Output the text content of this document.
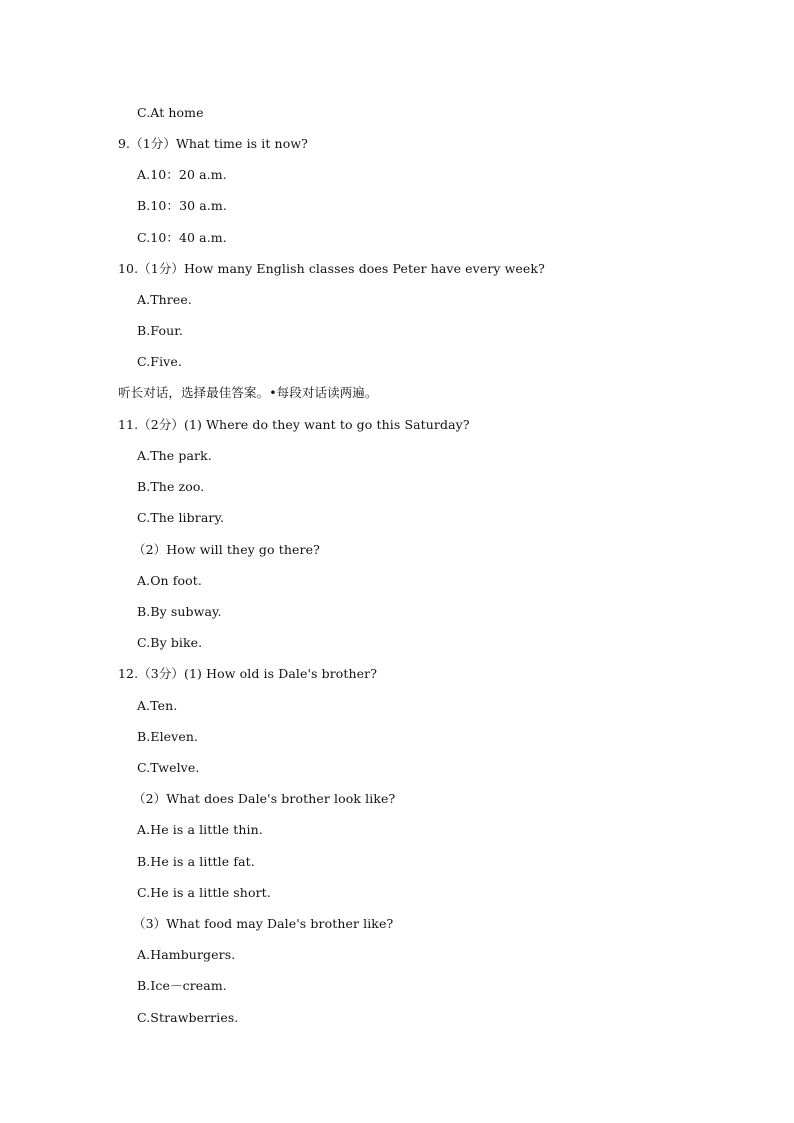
C.At home
9.（1分）What time is it now?
A.10：20 a.m.
B.10：30 a.m.
C.10：40 a.m.
10.（1分）How many English classes does Peter have every week?
A.Three.
B.Four.
C.Five.
听长对话，选择最佳答案。•每段对话读两遍。
11.（2分）(1) Where do they want to go this Saturday?
A.The park.
B.The zoo.
C.The library.
（2）How will they go there?
A.On foot.
B.By subway.
C.By bike.
12.（3分）(1) How old is Dale's brother?
A.Ten.
B.Eleven.
C.Twelve.
（2）What does Dale's brother look like?
A.He is a little thin.
B.He is a little fat.
C.He is a little short.
（3）What food may Dale's brother like?
A.Hamburgers.
B.Ice－cream.
C.Strawberries.
